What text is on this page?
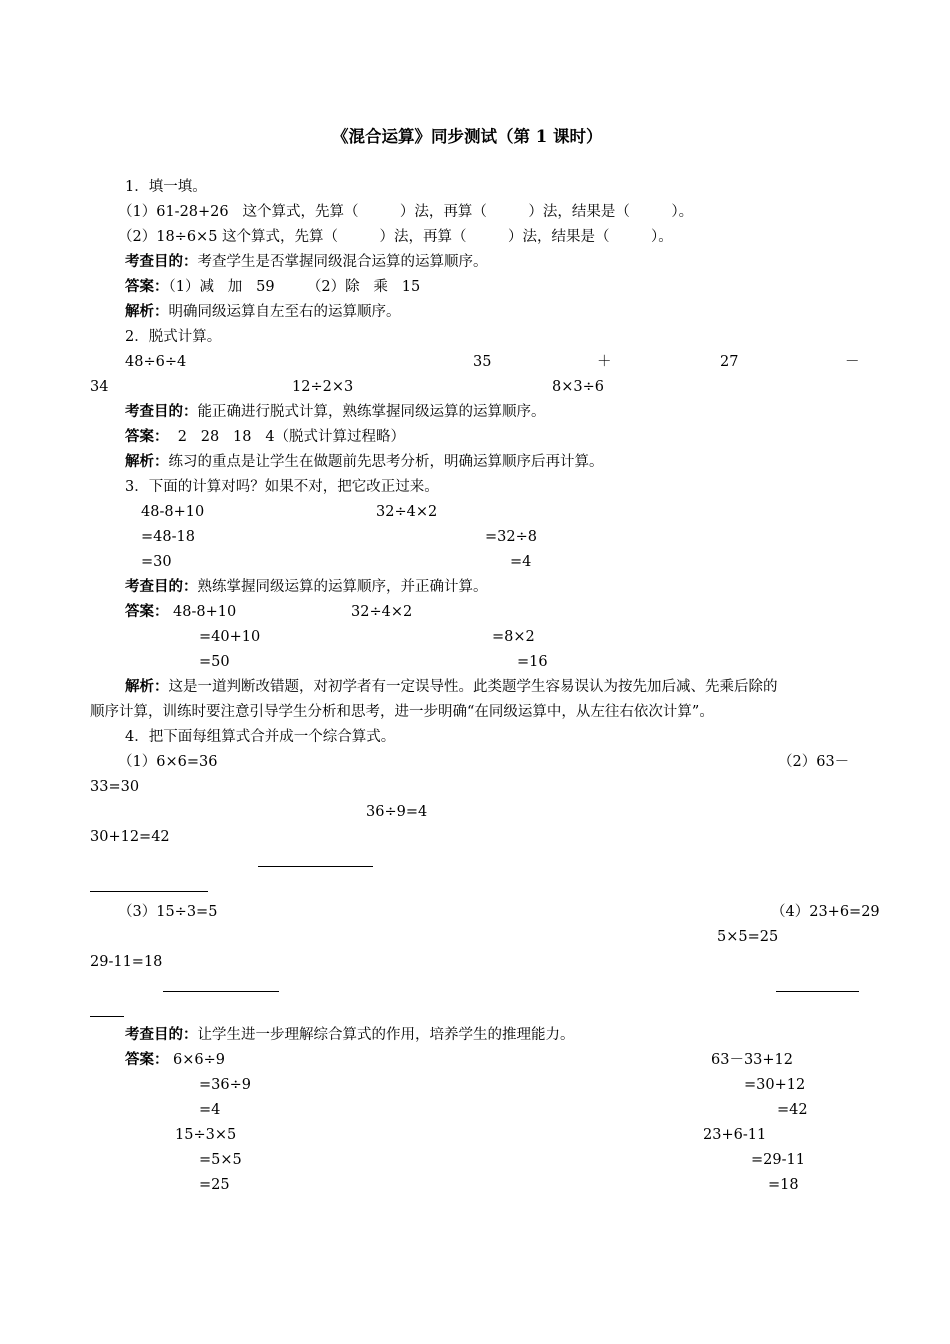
《混合运算》同步测试（第 1 课时）
1．填一填。
（1）61-28+26   这个算式，先算（         ）法，再算（         ）法，结果是（         ）。
（2）18÷6×5 这个算式，先算（         ）法，再算（         ）法，结果是（         ）。
考查目的：考查学生是否掌握同级混合运算的运算顺序。
答案：（1）减   加   59       （2）除   乘   15
解析：明确同级运算自左至右的运算顺序。
2．脱式计算。
48÷6÷4	35	＋	27	－
34	12÷2×3	8×3÷6
考查目的：能正确进行脱式计算，熟练掌握同级运算的运算顺序。
答案：  2   28   18   4（脱式计算过程略）
解析：练习的重点是让学生在做题前先思考分析，明确运算顺序后再计算。
3．下面的计算对吗？如果不对，把它改正过来。
48-8+10
=48-18
=30
32÷4×2
=32÷8
=4
考查目的：熟练掌握同级运算的运算顺序，并正确计算。
答案： 48-8+10
=40+10
=50
32÷4×2
=8×2
=16
解析：这是一道判断改错题，对初学者有一定误导性。此类题学生容易误认为按先加后减、先乘后除的
顺序计算，训练时要注意引导学生分析和思考，进一步明确“在同级运算中，从左往右依次计算”。
4．把下面每组算式合并成一个综合算式。
（1）6×6=36	（2）63－
33=30
36÷9=4
30+12=42
（3）15÷3=5	（4）23+6=29
5×5=25
29-11=18
考查目的：让学生进一步理解综合算式的作用，培养学生的推理能力。
答案： 6×6÷9
=36÷9
=4
63－33+12
=30+12
=42
15÷3×5
=5×5
=25
23+6-11
=29-11
=18
